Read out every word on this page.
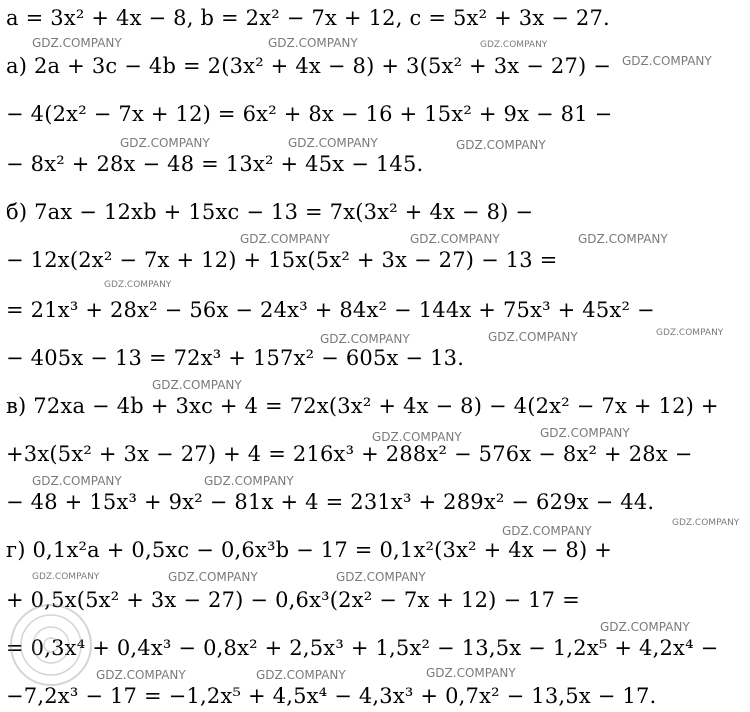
a = 3x² + 4x − 8, b = 2x² − 7x + 12, c = 5x² + 3x − 27.
а) 2a + 3c − 4b = 2(3x² + 4x − 8) + 3(5x² + 3x − 27) −
− 4(2x² − 7x + 12) = 6x² + 8x − 16 + 15x² + 9x − 81 −
− 8x² + 28x − 48 = 13x² + 45x − 145.
б) 7ax − 12xb + 15xc − 13 = 7x(3x² + 4x − 8) −
− 12x(2x² − 7x + 12) + 15x(5x² + 3x − 27) − 13 =
= 21x³ + 28x² − 56x − 24x³ + 84x² − 144x + 75x³ + 45x² −
− 405x − 13 = 72x³ + 157x² − 605x − 13.
в) 72xa − 4b + 3xc + 4 = 72x(3x² + 4x − 8) − 4(2x² − 7x + 12) +
+3x(5x² + 3x − 27) + 4 = 216x³ + 288x² − 576x − 8x² + 28x −
− 48 + 15x³ + 9x² − 81x + 4 = 231x³ + 289x² − 629x − 44.
г) 0,1x²a + 0,5xc − 0,6x³b − 17 = 0,1x²(3x² + 4x − 8) +
+ 0,5x(5x² + 3x − 27) − 0,6x³(2x² − 7x + 12) − 17 =
= 0,3x⁴ + 0,4x³ − 0,8x² + 2,5x³ + 1,5x² − 13,5x − 1,2x⁵ + 4,2x⁴ −
−7,2x³ − 17 = −1,2x⁵ + 4,5x⁴ − 4,3x³ + 0,7x² − 13,5x − 17.
GDZ.COMPANY	GDZ.COMPANY	GDZ.COMPANY
GDZ.COMPANY
GDZ.COMPANY	GDZ.COMPANY	GDZ.COMPANY
GDZ.COMPANY	GDZ.COMPANY	GDZ.COMPANY
GDZ.COMPANY
GDZ.COMPANY	GDZ.COMPANY	GDZ.COMPANY
GDZ.COMPANY
GDZ.COMPANY	GDZ.COMPANY
GDZ.COMPANY	GDZ.COMPANY
GDZ.COMPANY
GDZ.COMPANY
GDZ.COMPANY	GDZ.COMPANY	GDZ.COMPANY
GDZ.COMPANY
GDZ.COMPANY	GDZ.COMPANY	GDZ.COMPANY
